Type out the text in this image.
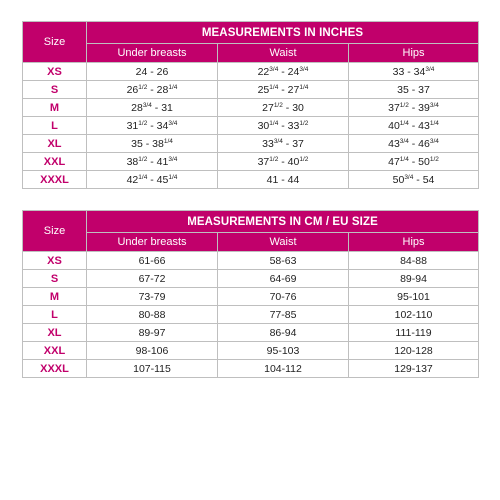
Size	MEASUREMENTS IN INCHES		
	Under breasts	Waist	Hips
XS	24 - 26	$22^{3/4} - 24^{3/4}$	$33 - 34^{3/4}$
S	$26^{1/2} - 28^{1/4}$	$25^{1/4} - 27^{1/4}$	35 - 37
M	$28^{3/4} - 31$	$27^{1/2} - 30$	$37^{1/2} - 39^{3/4}$
L	$31^{1/2} - 34^{3/4}$	$30^{1/4} - 33^{1/2}$	$40^{1/4} - 43^{1/4}$
XL	$35 - 38^{1/4}$	$33^{3/4} - 37$	$43^{3/4} - 46^{3/4}$
XXL	$38^{1/2} - 41^{3/4}$	$37^{1/2} - 40^{1/2}$	$47^{1/4} - 50^{1/2}$
XXXL	$42^{1/4} - 45^{1/4}$	41 - 44	$50^{3/4} - 54$
Size	MEASUREMENTS IN CM / EU SIZE		
	Under breasts	Waist	Hips
XS	61-66	58-63	84-88
S	67-72	64-69	89-94
M	73-79	70-76	95-101
L	80-88	77-85	102-110
XL	89-97	86-94	111-119
XXL	98-106	95-103	120-128
XXXL	107-115	104-112	129-137
